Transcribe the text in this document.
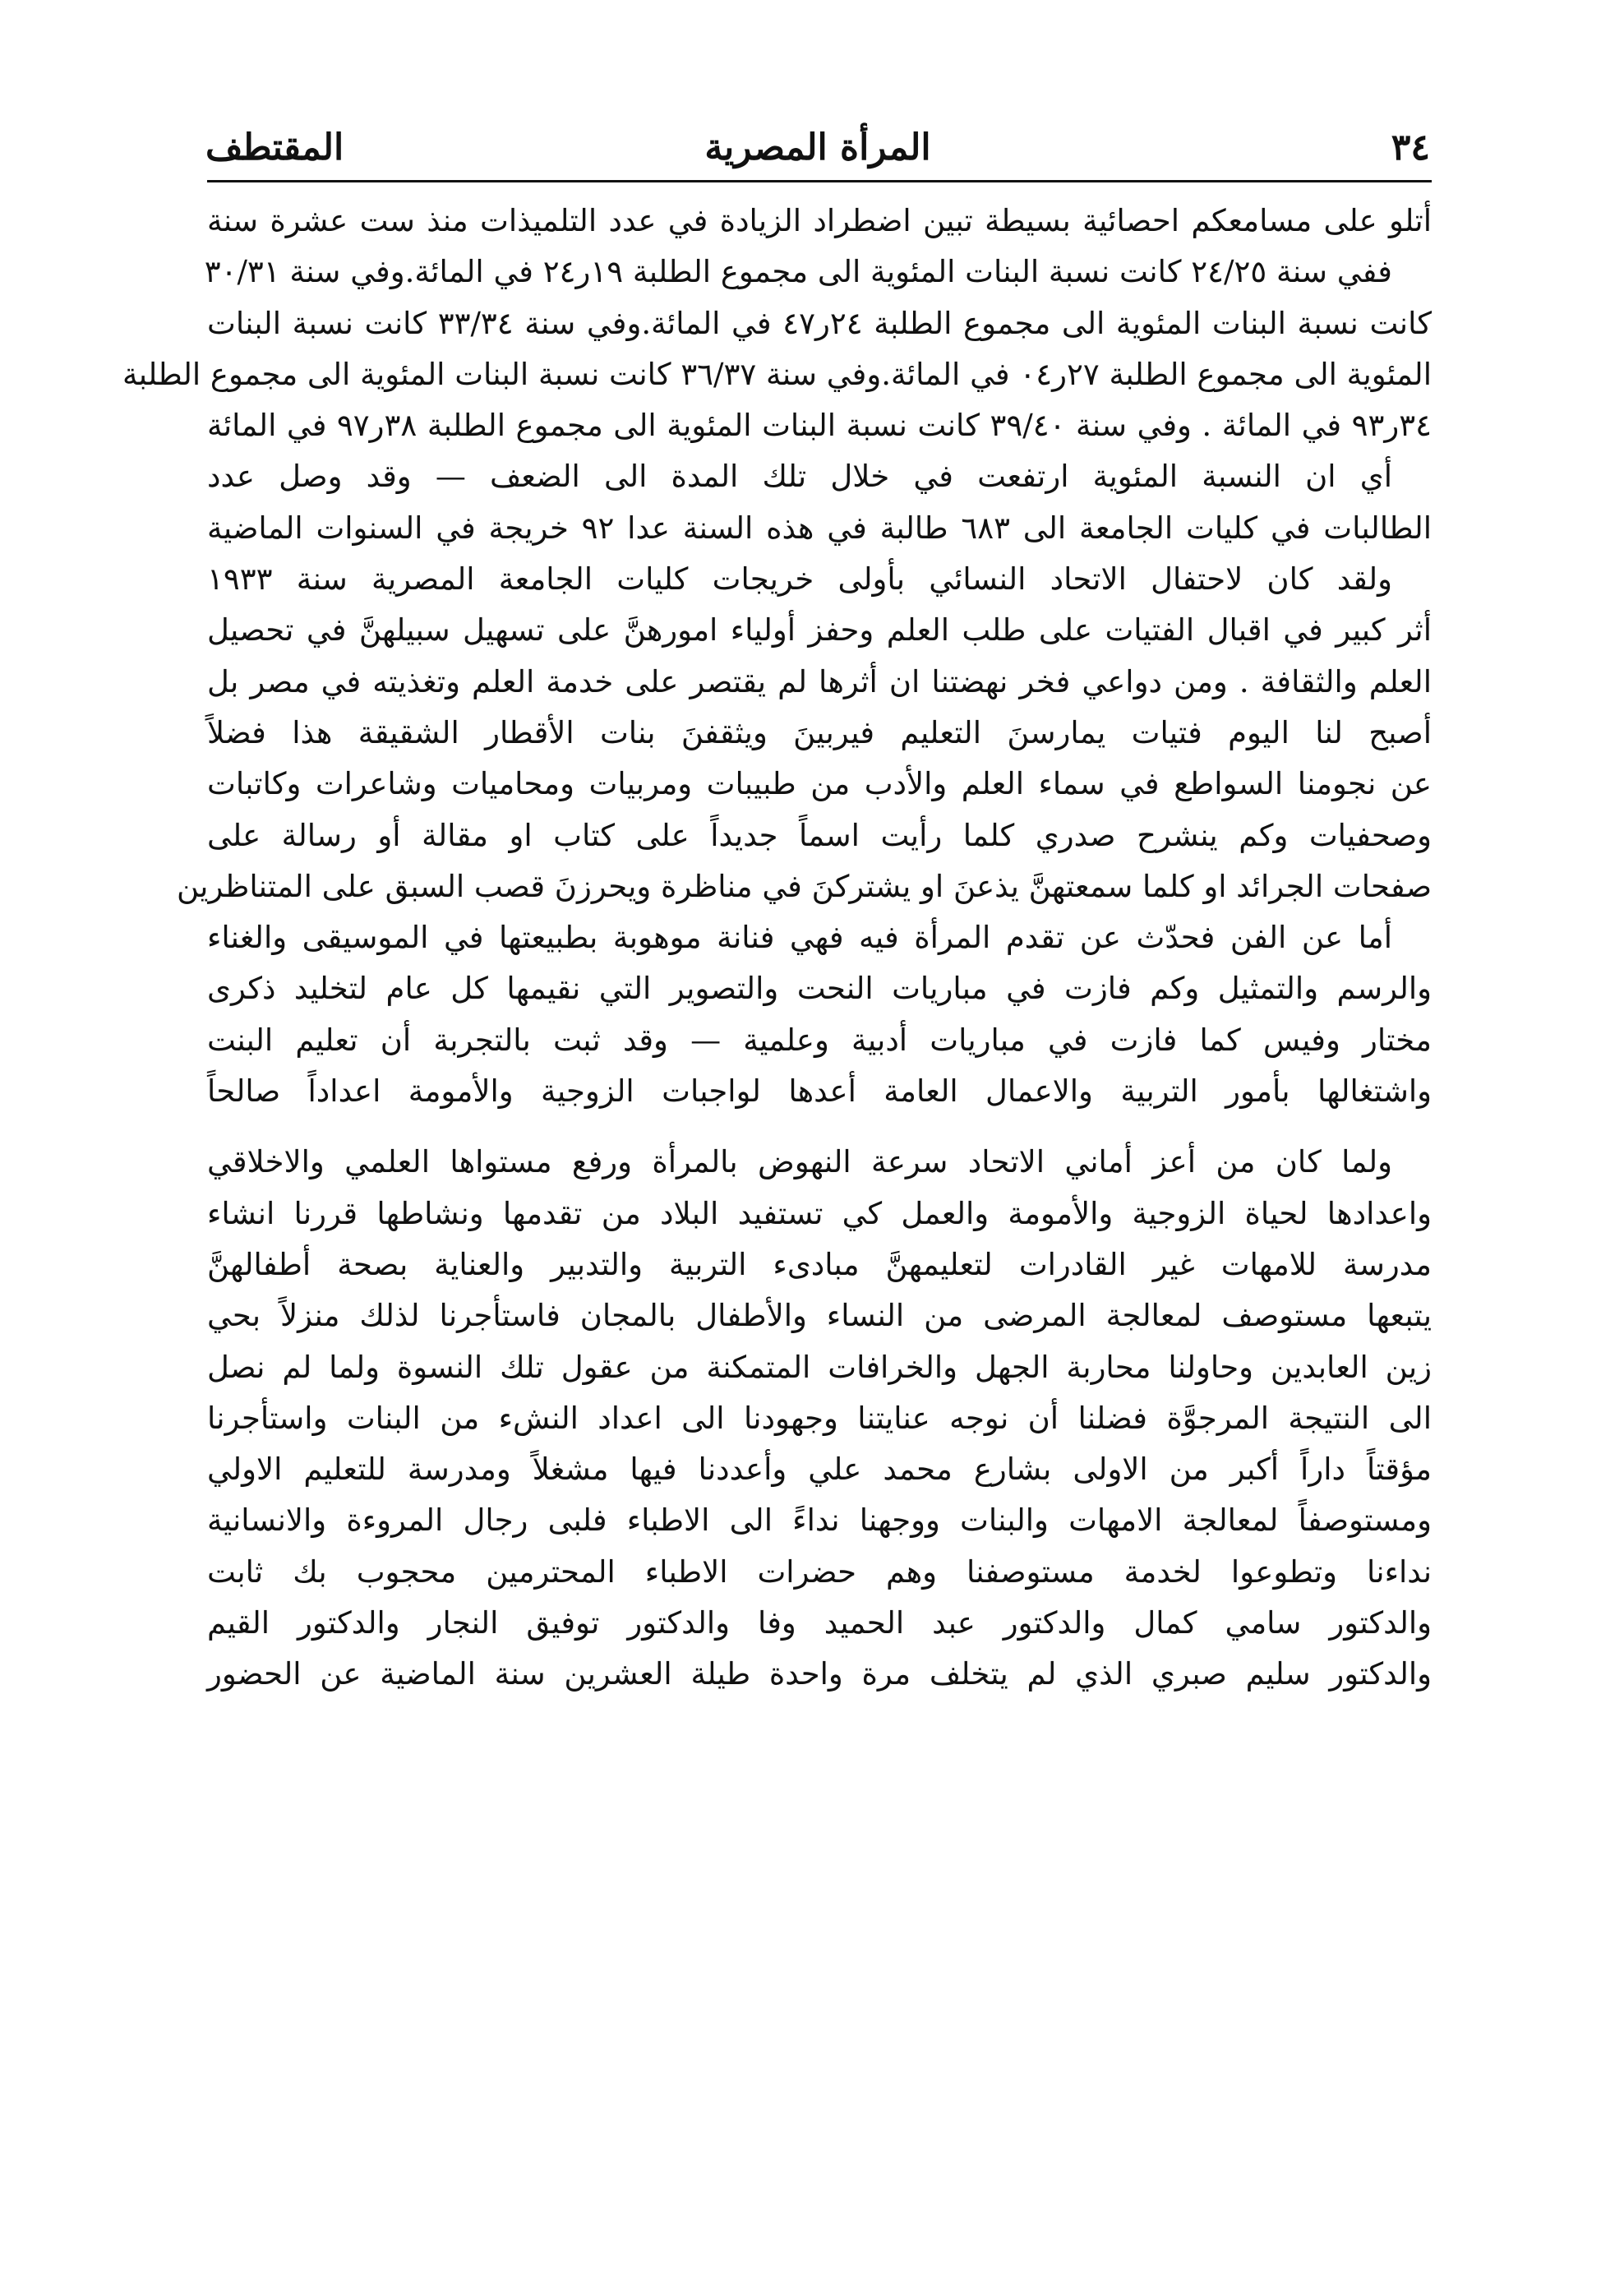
٣٤
المرأة المصرية
المقتطف
أتلو على مسامعكم احصائية بسيطة تبين اضطراد الزيادة في عدد التلميذات منذ ست عشرة سنة
ففي سنة ٢٤/٢٥ كانت نسبة البنات المئوية الى مجموع الطلبة ١٩ر٢٤ في المائة.وفي سنة ٣٠/٣١
كانت نسبة البنات المئوية الى مجموع الطلبة ٢٤ر٤٧ في المائة.وفي سنة ٣٣/٣٤ كانت نسبة البنات
المئوية الى مجموع الطلبة ٢٧ر٠٤ في المائة.وفي سنة ٣٦/٣٧ كانت نسبة البنات المئوية الى مجموع الطلبة
٣٤ر٩٣ في المائة . وفي سنة ٣٩/٤٠ كانت نسبة البنات المئوية الى مجموع الطلبة ٣٨ر٩٧ في المائة
أي ان النسبة المئوية ارتفعت في خلال تلك المدة الى الضعف — وقد وصل عدد
الطالبات في كليات الجامعة الى ٦٨٣ طالبة في هذه السنة عدا ٩٢ خريجة في السنوات الماضية
ولقد كان لاحتفال الاتحاد النسائي بأولى خريجات كليات الجامعة المصرية سنة ١٩٣٣
أثر كبير في اقبال الفتيات على طلب العلم وحفز أولياء امورهنَّ على تسهيل سبيلهنَّ في تحصيل
العلم والثقافة . ومن دواعي فخر نهضتنا ان أثرها لم يقتصر على خدمة العلم وتغذيته في مصر بل
أصبح لنا اليوم فتيات يمارسنَ التعليم فيربينَ ويثقفنَ بنات الأقطار الشقيقة هذا فضلاً
عن نجومنا السواطع في سماء العلم والأدب من طبيبات ومربيات ومحاميات وشاعرات وكاتبات
وصحفيات وكم ينشرح صدري كلما رأيت اسماً جديداً على كتاب او مقالة أو رسالة على
صفحات الجرائد او كلما سمعتهنَّ يذعنَ او يشتركنَ في مناظرة ويحرزنَ قصب السبق على المتناظرين
أما عن الفن فحدّث عن تقدم المرأة فيه فهي فنانة موهوبة بطبيعتها في الموسيقى والغناء
والرسم والتمثيل وكم فازت في مباريات النحت والتصوير التي نقيمها كل عام لتخليد ذكرى
مختار وفيس كما فازت في مباريات أدبية وعلمية — وقد ثبت بالتجربة أن تعليم البنت
واشتغالها بأمور التربية والاعمال العامة أعدها لواجبات الزوجية والأمومة اعداداً صالحاً
ولما كان من أعز أماني الاتحاد سرعة النهوض بالمرأة ورفع مستواها العلمي والاخلاقي
واعدادها لحياة الزوجية والأمومة والعمل كي تستفيد البلاد من تقدمها ونشاطها قررنا انشاء
مدرسة للامهات غير القادرات لتعليمهنَّ مبادىء التربية والتدبير والعناية بصحة أطفالهنَّ
يتبعها مستوصف لمعالجة المرضى من النساء والأطفال بالمجان فاستأجرنا لذلك منزلاً بحي
زين العابدين وحاولنا محاربة الجهل والخرافات المتمكنة من عقول تلك النسوة ولما لم نصل
الى النتيجة المرجوَّة فضلنا أن نوجه عنايتنا وجهودنا الى اعداد النشء من البنات واستأجرنا
مؤقتاً داراً أكبر من الاولى بشارع محمد علي وأعددنا فيها مشغلاً ومدرسة للتعليم الاولي
ومستوصفاً لمعالجة الامهات والبنات ووجهنا نداءً الى الاطباء فلبى رجال المروءة والانسانية
نداءنا وتطوعوا لخدمة مستوصفنا وهم حضرات الاطباء المحترمين محجوب بك ثابت
والدكتور سامي كمال والدكتور عبد الحميد وفا والدكتور توفيق النجار والدكتور القيم
والدكتور سليم صبري الذي لم يتخلف مرة واحدة طيلة العشرين سنة الماضية عن الحضور
